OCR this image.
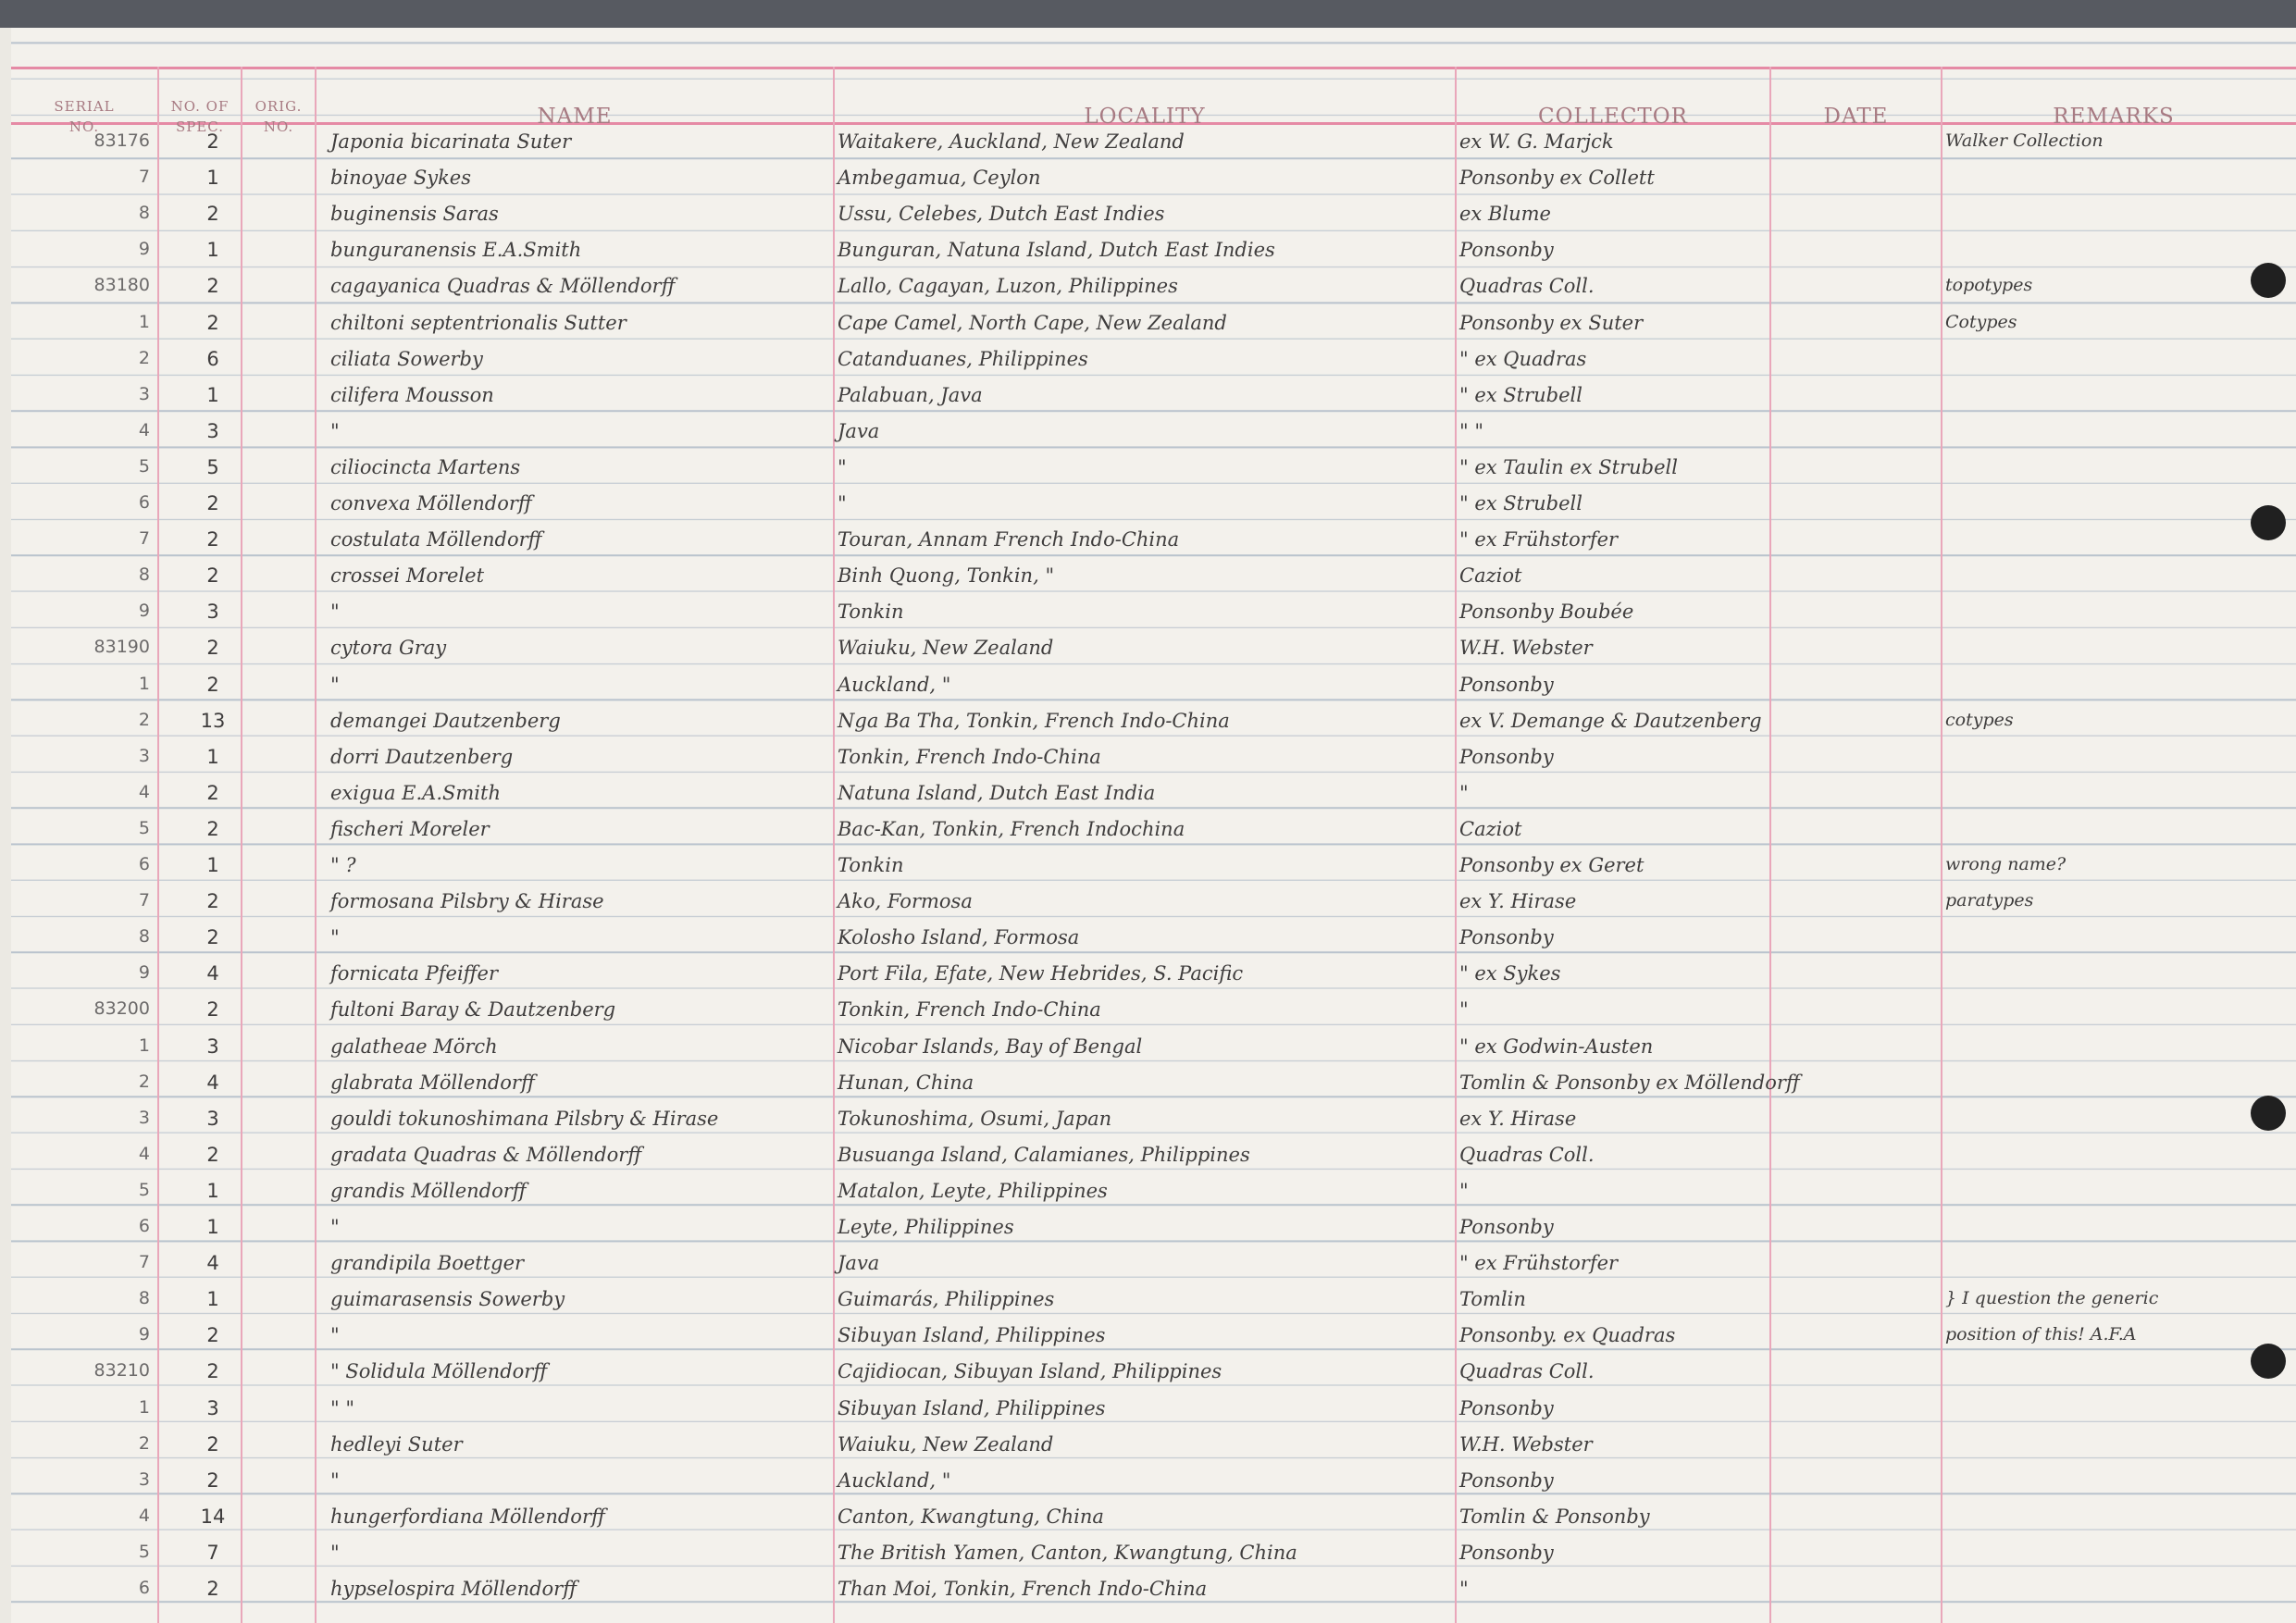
SERIAL
NO.
NO. OF
SPEC.
ORIG.
NO.	NAME	LOCALITY	COLLECTOR	DATE	REMARKS
83176	2	Japonia bicarinata Suter	Waitakere, Auckland, New Zealand	ex W. G. Marjck	Walker Collection
7	1	binoyae Sykes	Ambegamua, Ceylon	Ponsonby ex Collett
8	2	buginensis Saras	Ussu, Celebes, Dutch East Indies	ex Blume
9	1	bunguranensis E.A.Smith	Bunguran, Natuna Island, Dutch East Indies	Ponsonby
83180	2	cagayanica Quadras & Möllendorff	Lallo, Cagayan, Luzon, Philippines	Quadras Coll.	topotypes
1	2	chiltoni septentrionalis Sutter	Cape Camel, North Cape, New Zealand	Ponsonby ex Suter	Cotypes
2	6	ciliata Sowerby	Catanduanes, Philippines	" ex Quadras
3	1	cilifera Mousson	Palabuan, Java	" ex Strubell
4	3	"	Java	" "
5	5	ciliocincta Martens	"	" ex Taulin ex Strubell
6	2	convexa Möllendorff	"	" ex Strubell
7	2	costulata Möllendorff	Touran, Annam French Indo-China	" ex Frühstorfer
8	2	crossei Morelet	Binh Quong, Tonkin, "	Caziot
9	3	"	Tonkin	Ponsonby Boubée
83190	2	cytora Gray	Waiuku, New Zealand	W.H. Webster
1	2	"	Auckland, "	Ponsonby
2	13	demangei Dautzenberg	Nga Ba Tha, Tonkin, French Indo-China	ex V. Demange & Dautzenberg	cotypes
3	1	dorri Dautzenberg	Tonkin, French Indo-China	Ponsonby
4	2	exigua E.A.Smith	Natuna Island, Dutch East India	"
5	2	fischeri Moreler	Bac-Kan, Tonkin, French Indochina	Caziot
6	1	" ?	Tonkin	Ponsonby ex Geret	wrong name?
7	2	formosana Pilsbry & Hirase	Ako, Formosa	ex Y. Hirase	paratypes
8	2	"	Kolosho Island, Formosa	Ponsonby
9	4	fornicata Pfeiffer	Port Fila, Efate, New Hebrides, S. Pacific	" ex Sykes
83200	2	fultoni Baray & Dautzenberg	Tonkin, French Indo-China	"
1	3	galatheae Mörch	Nicobar Islands, Bay of Bengal	" ex Godwin-Austen
2	4	glabrata Möllendorff	Hunan, China	Tomlin & Ponsonby ex Möllendorff
3	3	gouldi tokunoshimana Pilsbry & Hirase	Tokunoshima, Osumi, Japan	ex Y. Hirase
4	2	gradata Quadras & Möllendorff	Busuanga Island, Calamianes, Philippines	Quadras Coll.
5	1	grandis Möllendorff	Matalon, Leyte, Philippines	"
6	1	"	Leyte, Philippines	Ponsonby
7	4	grandipila Boettger	Java	" ex Frühstorfer
8	1	guimarasensis Sowerby	Guimarás, Philippines	Tomlin	} I question the generic
9	2	"	Sibuyan Island, Philippines	Ponsonby. ex Quadras	position of this! A.F.A
83210	2	" Solidula Möllendorff	Cajidiocan, Sibuyan Island, Philippines	Quadras Coll.
1	3	" "	Sibuyan Island, Philippines	Ponsonby
2	2	hedleyi Suter	Waiuku, New Zealand	W.H. Webster
3	2	"	Auckland, "	Ponsonby
4	14	hungerfordiana Möllendorff	Canton, Kwangtung, China	Tomlin & Ponsonby
5	7	"	The British Yamen, Canton, Kwangtung, China	Ponsonby
6	2	hypselospira Möllendorff	Than Moi, Tonkin, French Indo-China	"
